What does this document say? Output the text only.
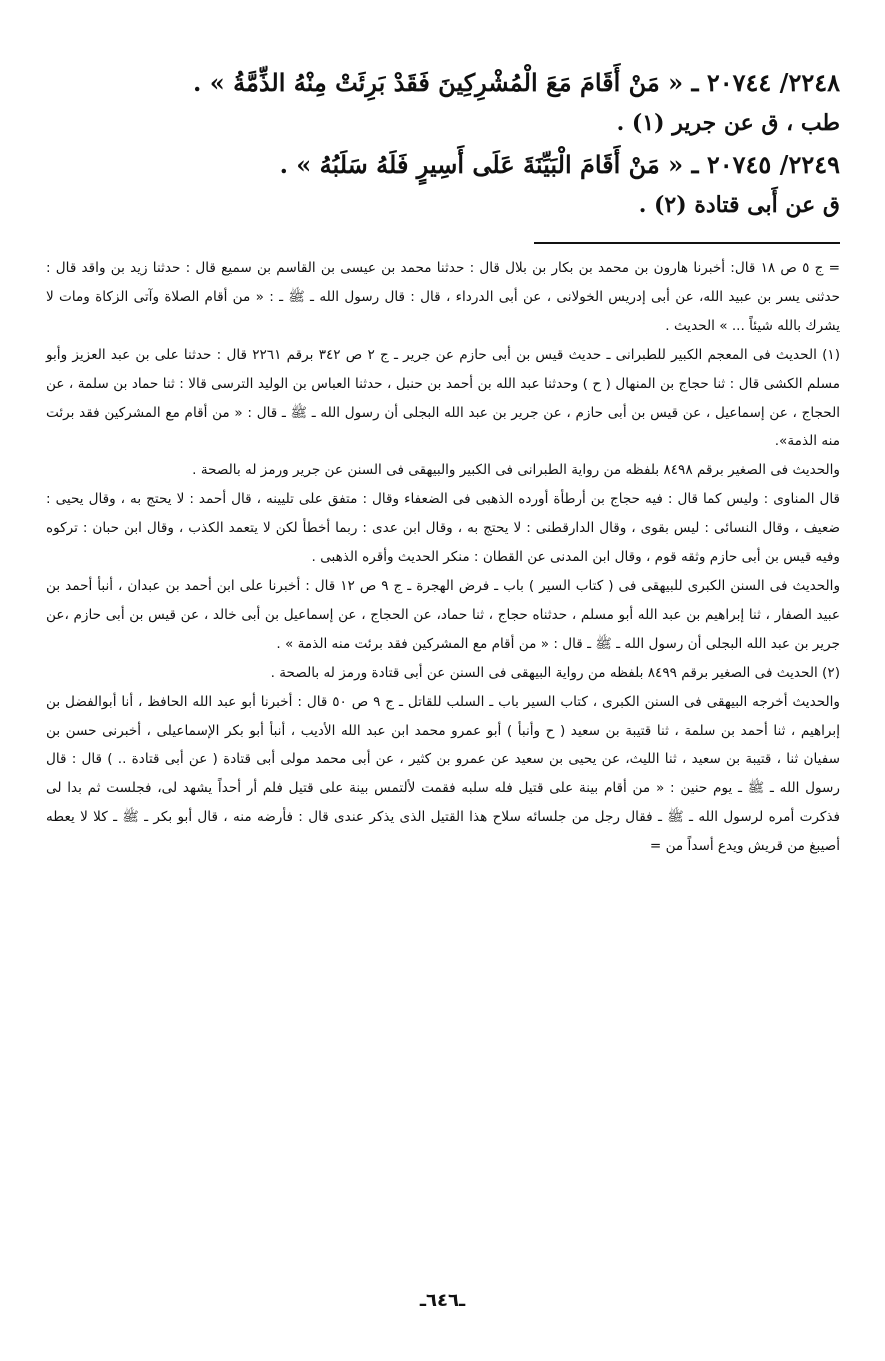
٢٢٤٨/ ٢٠٧٤٤ ـ « مَنْ أَقَامَ مَعَ الْمُشْرِكِينَ فَقَدْ بَرِئَتْ مِنْهُ الذِّمَّةُ » .

طب ، ق عن جرير (١) .

٢٢٤٩/ ٢٠٧٤٥ ـ « مَنْ أَقَامَ الْبَيِّنَةَ عَلَى أَسِيرٍ فَلَهُ سَلَبُهُ » .

ق عن أَبى قتادة (٢) .

= ج ٥ ص ١٨ قال: أخبرنا هارون بن محمد بن بكار بن بلال قال : حدثنا محمد بن عيسى بن القاسم بن سميع قال : حدثنا زيد بن واقد قال : حدثنى يسر بن عبيد الله، عن أبى إدريس الخولانى ، عن أبى الدرداء ، قال : قال رسول الله ـ ﷺ ـ : « من أقام الصلاة وآتى الزكاة ومات لا يشرك بالله شيئاً ... » الحديث .

(١) الحديث فى المعجم الكبير للطبرانى ـ حديث قيس بن أبى حازم عن جرير ـ ج ٢ ص ٣٤٢ برقم ٢٢٦١ قال : حدثنا على بن عبد العزيز وأبو مسلم الكشى قال : ثنا حجاج بن المنهال ( ح ) وحدثنا عبد الله بن أحمد بن حنبل ، حدثنا العباس بن الوليد الترسى قالا : ثنا حماد بن سلمة ، عن الحجاج ، عن إسماعيل ، عن قيس بن أبى حازم ، عن جرير بن عبد الله البجلى أن رسول الله ـ ﷺ ـ قال : « من أقام مع المشركين فقد برئت منه الذمة».

والحديث فى الصغير برقم ٨٤٩٨ بلفظه من رواية الطبرانى فى الكبير والبيهقى فى السنن عن جرير ورمز له بالصحة .

قال المناوى : وليس كما قال : فيه حجاج بن أرطأة أورده الذهبى فى الضعفاء وقال : متفق على تليينه ، قال أحمد : لا يحتج به ، وقال يحيى : ضعيف ، وقال النسائى : ليس بقوى ، وقال الدارقطنى : لا يحتج به ، وقال ابن عدى : ربما أخطأ لكن لا يتعمد الكذب ، وقال ابن حبان : تركوه وفيه قيس بن أبى حازم وثقه قوم ، وقال ابن المدنى عن القطان : منكر الحديث وأقره الذهبى .

والحديث فى السنن الكبرى للبيهقى فى ( كتاب السير ) باب ـ فرض الهجرة ـ ج ٩ ص ١٢ قال : أخبرنا على ابن أحمد بن عبدان ، أنبأ أحمد بن عبيد الصفار ، ثنا إبراهيم بن عبد الله أبو مسلم ، حدثناه حجاج ، ثنا حماد، عن الحجاج ، عن إسماعيل بن أبى خالد ، عن قيس بن أبى حازم ،عن جرير بن عبد الله البجلى أن رسول الله ـ ﷺ ـ قال : « من أقام مع المشركين فقد برئت منه الذمة » .

(٢) الحديث فى الصغير برقم ٨٤٩٩ بلفظه من رواية البيهقى فى السنن عن أبى قتادة ورمز له بالصحة .

والحديث أخرجه البيهقى فى السنن الكبرى ، كتاب السير باب ـ السلب للقاتل ـ ج ٩ ص ٥٠ قال : أخبرنا أبو عبد الله الحافظ ، أنا أبوالفضل بن إبراهيم ، ثنا أحمد بن سلمة ، ثنا قتيبة بن سعيد ( ح وأنبأ ) أبو عمرو محمد ابن عبد الله الأديب ، أنبأ أبو بكر الإسماعيلى ، أخبرنى حسن بن سفيان ثنا ، قتيبة بن سعيد ، ثنا الليث، عن يحيى بن سعيد عن عمرو بن كثير ، عن أبى محمد مولى أبى قتادة ( عن أبى قتادة .. ) قال : قال رسول الله ـ ﷺ ـ يوم حنين : « من أقام بينة على قتيل فله سلبه فقمت لألتمس بينة على قتيل فلم أر أحداً يشهد لى، فجلست ثم بدا لى فذكرت أمره لرسول الله ـ ﷺ ـ فقال رجل من جلسائه سلاح هذا القتيل الذى يذكر عندى قال : فأرضه منه ، قال أبو بكر ـ ﷺ ـ كلا لا يعطه أصيبغ من قريش ويدع أسداً من =

ـ٦٤٦ـ
